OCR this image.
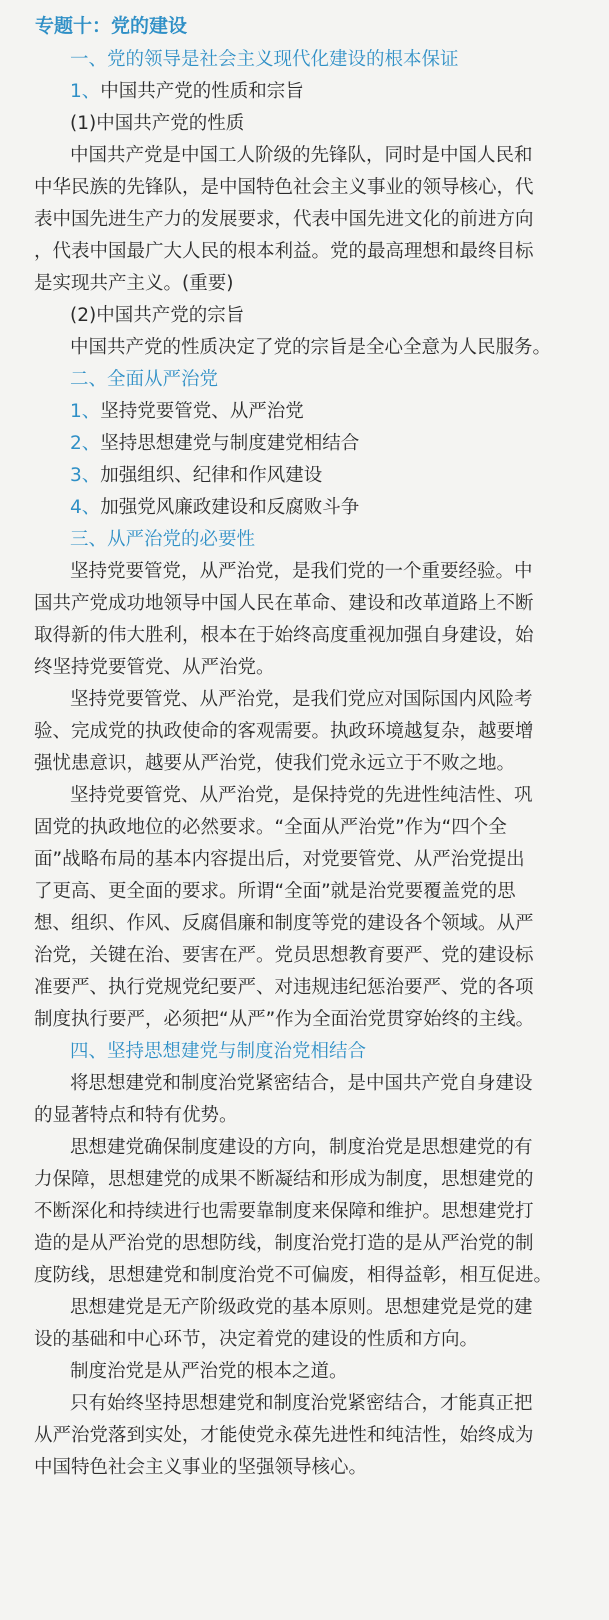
专题十：党的建设
一、党的领导是社会主义现代化建设的根本保证
1、中国共产党的性质和宗旨
(1)中国共产党的性质
中国共产党是中国工人阶级的先锋队，同时是中国人民和
中华民族的先锋队，是中国特色社会主义事业的领导核心，代
表中国先进生产力的发展要求，代表中国先进文化的前进方向
，代表中国最广大人民的根本利益。党的最高理想和最终目标
是实现共产主义。(重要)
(2)中国共产党的宗旨
中国共产党的性质决定了党的宗旨是全心全意为人民服务。
二、全面从严治党
1、坚持党要管党、从严治党
2、坚持思想建党与制度建党相结合
3、加强组织、纪律和作风建设
4、加强党风廉政建设和反腐败斗争
三、从严治党的必要性
坚持党要管党，从严治党，是我们党的一个重要经验。中
国共产党成功地领导中国人民在革命、建设和改革道路上不断
取得新的伟大胜利，根本在于始终高度重视加强自身建设，始
终坚持党要管党、从严治党。
坚持党要管党、从严治党，是我们党应对国际国内风险考
验、完成党的执政使命的客观需要。执政环境越复杂，越要增
强忧患意识，越要从严治党，使我们党永远立于不败之地。
坚持党要管党、从严治党，是保持党的先进性纯洁性、巩
固党的执政地位的必然要求。“全面从严治党”作为“四个全
面”战略布局的基本内容提出后，对党要管党、从严治党提出
了更高、更全面的要求。所谓“全面”就是治党要覆盖党的思
想、组织、作风、反腐倡廉和制度等党的建设各个领域。从严
治党，关键在治、要害在严。党员思想教育要严、党的建设标
准要严、执行党规党纪要严、对违规违纪惩治要严、党的各项
制度执行要严，必须把“从严”作为全面治党贯穿始终的主线。
四、坚持思想建党与制度治党相结合
将思想建党和制度治党紧密结合，是中国共产党自身建设
的显著特点和特有优势。
思想建党确保制度建设的方向，制度治党是思想建党的有
力保障，思想建党的成果不断凝结和形成为制度，思想建党的
不断深化和持续进行也需要靠制度来保障和维护。思想建党打
造的是从严治党的思想防线，制度治党打造的是从严治党的制
度防线，思想建党和制度治党不可偏废，相得益彰，相互促进。
思想建党是无产阶级政党的基本原则。思想建党是党的建
设的基础和中心环节，决定着党的建设的性质和方向。
制度治党是从严治党的根本之道。
只有始终坚持思想建党和制度治党紧密结合，才能真正把
从严治党落到实处，才能使党永葆先进性和纯洁性，始终成为
中国特色社会主义事业的坚强领导核心。
